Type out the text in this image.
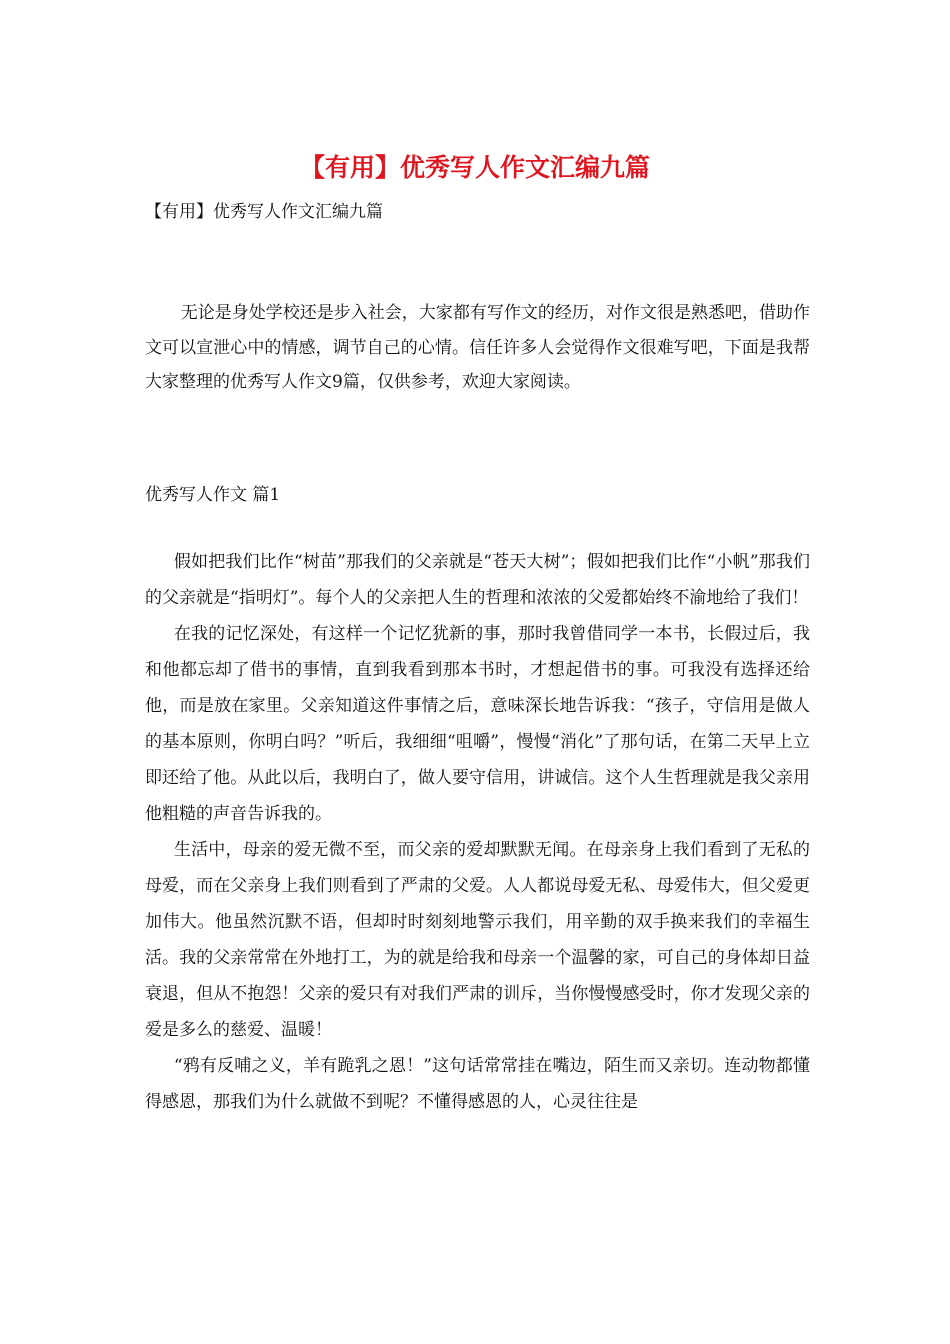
【有用】优秀写人作文汇编九篇
【有用】优秀写人作文汇编九篇

无论是身处学校还是步入社会，大家都有写作文的经历，对作文很是熟悉吧，借助作文可以宣泄心中的情感，调节自己的心情。信任许多人会觉得作文很难写吧，下面是我帮大家整理的优秀写人作文9篇，仅供参考，欢迎大家阅读。

优秀写人作文 篇1

假如把我们比作“树苗”那我们的父亲就是“苍天大树”；假如把我们比作“小帆”那我们的父亲就是“指明灯”。每个人的父亲把人生的哲理和浓浓的父爱都始终不渝地给了我们！

在我的记忆深处，有这样一个记忆犹新的事，那时我曾借同学一本书，长假过后，我和他都忘却了借书的事情，直到我看到那本书时，才想起借书的事。可我没有选择还给他，而是放在家里。父亲知道这件事情之后，意味深长地告诉我：“孩子，守信用是做人的基本原则，你明白吗？”听后，我细细“咀嚼”，慢慢“消化”了那句话，在第二天早上立即还给了他。从此以后，我明白了，做人要守信用，讲诚信。这个人生哲理就是我父亲用他粗糙的声音告诉我的。

生活中，母亲的爱无微不至，而父亲的爱却默默无闻。在母亲身上我们看到了无私的母爱，而在父亲身上我们则看到了严肃的父爱。人人都说母爱无私、母爱伟大，但父爱更加伟大。他虽然沉默不语，但却时时刻刻地警示我们，用辛勤的双手换来我们的幸福生活。我的父亲常常在外地打工，为的就是给我和母亲一个温馨的家，可自己的身体却日益衰退，但从不抱怨！父亲的爱只有对我们严肃的训斥，当你慢慢感受时，你才发现父亲的爱是多么的慈爱、温暖！

“鸦有反哺之义，羊有跪乳之恩！”这句话常常挂在嘴边，陌生而又亲切。连动物都懂得感恩，那我们为什么就做不到呢？不懂得感恩的人，心灵往往是
